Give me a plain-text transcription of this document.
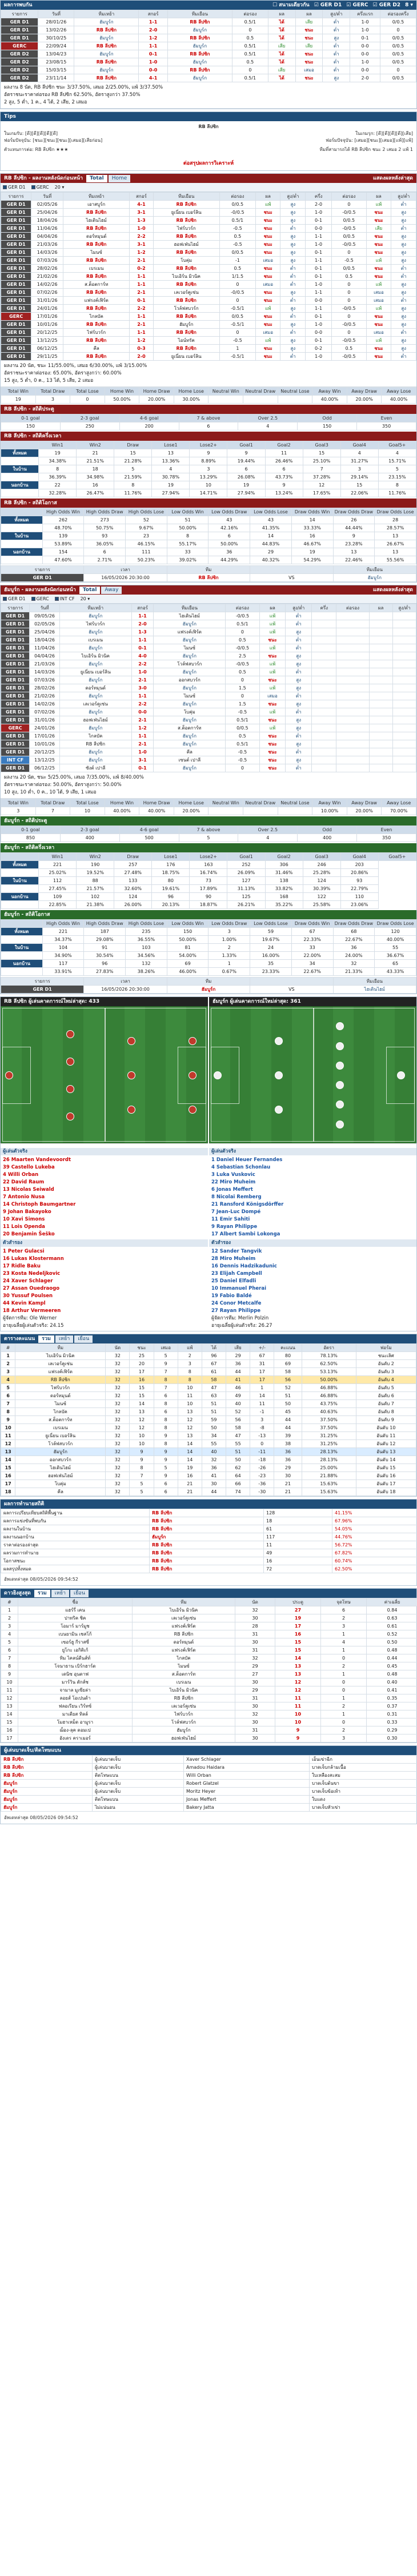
ผลการพบกัน	☐ สนามเดียวกัน ☑ GER D1 ☑ GERC ☑ GER D2 8 ▾
รายการ	วันที่	ทีมเหย้า	สกอร์	ทีมเยือน	ต่อรอง	ผล	ผล	สูง/ต่ำ	ครึ่งแรก	ต่อรองครึ่ง
GER D1	28/01/26	ฮัมบูร์ก	1-1	RB ลีปซิก	0.5/1	ได้	เสีย	ต่ำ	1-0	0/0.5
GER D1	13/02/26	RB ลีปซิก	2-0	ฮัมบูร์ก	0	ได้	ชนะ	ต่ำ	1-0	0
GER D1	30/10/25	ฮัมบูร์ก	1-2	RB ลีปซิก	0.5	ได้	ชนะ	สูง	0-1	0/0.5
GERC	22/09/24	RB ลีปซิก	1-1	ฮัมบูร์ก	0.5/1	เสีย	เสีย	ต่ำ	0-0	0/0.5
GER D2	13/04/23	ฮัมบูร์ก	0-1	RB ลีปซิก	0.5/1	ได้	ชนะ	ต่ำ	0-0	0/0.5
GER D2	23/08/15	RB ลีปซิก	1-0	ฮัมบูร์ก	0.5	ได้	ชนะ	ต่ำ	1-0	0/0.5
GER D2	15/03/15	ฮัมบูร์ก	0-0	RB ลีปซิก	0	เสีย	เสมอ	ต่ำ	0-0	0
GER D2	23/11/14	RB ลีปซิก	4-1	ฮัมบูร์ก	0.5/1	ได้	ชนะ	สูง	2-0	0/0.5
ผลงาน 8 นัด, RB ลีปซิก ชนะ 3/37.50%, เสมอ 2/25.00%, แพ้ 3/37.50%
อัตราชนะราคาต่อรอง RB ลีปซิก 62.50%, อัตราสูงกว่า 37.50%
2 สูง, 5 ต่ำ, 1 ค., 4 ได้, 2 เสีย, 2 เสมอ
Tips
RB ลีปซิก
ในเกมรับ: [ดี][ดี][ดี][ดี][ดี]	ในเกมรุก: [ดี][ดี][ดี][ดี][เสีย]
ฟอร์มปัจจุบัน: [ชนะ][ชนะ][ชนะ][เสมอ][เสียก่อน]	ฟอร์มปัจจุบัน: [เสมอ][ชนะ][เสมอ][แพ้][แพ้]
ตัวแทนการต่อ: RB ลีปซิก ★★★	ทีมที่สามารถได้ RB ลีปซิก ชนะ 2 เสมอ 2 แพ้ 1
ต่อสรุปผลการวิเคราะห์
RB ลีปซิก - ผลงานหลังนัดก่อนหน้า	Total	Home	แสดงผลหลังล่าสุด
GER D1	GERC 20 ▾
รายการ	วันที่	ทีมเหย้า	สกอร์	ทีมเยือน	ต่อรอง	ผล	สูง/ต่ำ	ครึ่ง	ต่อรอง	ผล	สูง/ต่ำ
GER D1	02/05/26	เอาสบูร์ก	4-1	RB ลีปซิก	0/0.5	แพ้	สูง	2-0	0	แพ้	ต่ำ
GER D1	25/04/26	RB ลีปซิก	3-1	ยูเนี่ยน เบอร์ลิน	-0/0.5	ชนะ	สูง	1-0	-0/0.5	ชนะ	สูง
GER D1	18/04/26	ไฮเดินไฮม์	1-3	RB ลีปซิก	0.5/1	ชนะ	สูง	0-1	0/0.5	ชนะ	สูง
GER D1	11/04/26	RB ลีปซิก	1-0	ไฟร์บวร์ก	-0.5	ชนะ	ต่ำ	0-0	-0/0.5	เสีย	ต่ำ
GER D1	04/04/26	ดอร์ทมุนด์	2-2	RB ลีปซิก	0.5	ชนะ	สูง	1-1	0/0.5	ชนะ	สูง
GER D1	21/03/26	RB ลีปซิก	3-1	ฮอฟเฟ่นไฮม์	-0.5	ชนะ	สูง	1-0	-0/0.5	ชนะ	สูง
GER D1	14/03/26	ไมนซ์	1-2	RB ลีปซิก	0/0.5	ชนะ	สูง	0-1	0	ชนะ	สูง
GER D1	07/03/26	RB ลีปซิก	2-1	โบคุ่ม	-1	เสมอ	สูง	1-1	-0.5	แพ้	สูง
GER D1	28/02/26	เบรเมน	0-2	RB ลีปซิก	0.5	ชนะ	ต่ำ	0-1	0/0.5	ชนะ	ต่ำ
GER D1	21/02/26	RB ลีปซิก	1-1	ไบเอิร์น มิวนิค	1/1.5	ชนะ	ต่ำ	0-1	0.5	ชนะ	ต่ำ
GER D1	14/02/26	ส.ต็อตการ์ท	1-1	RB ลีปซิก	0	เสมอ	ต่ำ	1-0	0	แพ้	สูง
GER D1	07/02/26	RB ลีปซิก	2-1	เลเวอร์คูเซ่น	-0/0.5	ชนะ	สูง	1-1	0	เสมอ	สูง
GER D1	31/01/26	แฟรงค์เฟิร์ต	0-1	RB ลีปซิก	0	ชนะ	ต่ำ	0-0	0	เสมอ	ต่ำ
GER D1	24/01/26	RB ลีปซิก	2-2	โวล์ฟสบวร์ก	-0.5/1	แพ้	สูง	1-1	-0/0.5	แพ้	สูง
GERC	17/01/26	ไกลบัค	1-1	RB ลีปซิก	0/0.5	ชนะ	ต่ำ	0-1	0	ชนะ	สูง
GER D1	10/01/26	RB ลีปซิก	2-1	ฮัมบูร์ก	-0.5/1	ชนะ	สูง	1-0	-0/0.5	ชนะ	สูง
GER D1	20/12/25	ไฟร์บวร์ก	1-1	RB ลีปซิก	0	เสมอ	ต่ำ	0-0	0	เสมอ	ต่ำ
GER D1	13/12/25	RB ลีปซิก	1-2	ไอน์ทรัค	-0.5	แพ้	สูง	0-1	-0/0.5	แพ้	สูง
GER D1	06/12/25	คีล	0-3	RB ลีปซิก	1	ชนะ	สูง	0-2	0.5	ชนะ	สูง
GER D1	29/11/25	RB ลีปซิก	2-0	ยูเนี่ยน เบอร์ลิน	-0.5/1	ชนะ	ต่ำ	1-0	-0/0.5	ชนะ	ต่ำ
ผลงาน 20 นัด, ชนะ 11/55.00%, เสมอ 6/30.00%, แพ้ 3/15.00%
อัตราชนะราคาต่อรอง: 65.00%, อัตราสูงกว่า: 60.00%
15 สูง, 5 ต่ำ, 0 ค., 13 ได้, 5 เสีย, 2 เสมอ
Total Win	Total Draw	Total Lose	Home Win	Home Draw	Home Lose	Neutral Win	Neutral Draw	Neutral Lose	Away Win	Away Draw	Away Lose
19	3	0	50.00%	20.00%	30.00%				40.00%	20.00%	40.00%
RB ลีปซิก - สถิติประตู
0-1 goal	2-3 goal	4-6 goal	7 & above	Over 2.5	Odd	Even
150	250	200	6	4	150	350
RB ลีปซิก - สถิติครึ่งเวลา
	Win1	Win2	Draw	Lose1	Lose2+	Goal1	Goal2	Goal3	Goal4	Goal5+
ทั้งหมด	19	21	15	13	9	9	11	15	4	4
	34.38%	21.51%	21.28%	13.36%	8.89%	19.44%	26.46%	25.10%	31.27%	15.71%
ในบ้าน	8	18	5	4	3	6	6	7	3	5
	36.39%	34.98%	21.59%	30.78%	13.29%	26.08%	43.73%	37.28%	29.14%	23.15%
นอกบ้าน	22	16	8	19	10	19	9	12	15	8
	32.28%	26.47%	11.76%	27.94%	14.71%	27.94%	13.24%	17.65%	22.06%	11.76%
RB ลีปซิก - สถิติโอกาส
	High Odds Win	High Odds Draw	High Odds Lose	Low Odds Win	Low Odds Draw	Low Odds Lose	Draw Odds Win	Draw Odds Draw	Draw Odds Lose
ทั้งหมด	262	273	52	51	43	43	14	26	28
	48.70%	50.75%	9.67%	50.00%	42.16%	41.35%	33.33%	44.44%	28.57%
ในบ้าน	139	93	23	8	6	14	16	9	13
	53.89%	36.05%	46.15%	55.17%	50.00%	44.83%	46.67%	23.28%	26.67%
นอกบ้าน	154	6	111	33	36	29	19	13	13
	47.60%	2.71%	50.23%	39.02%	44.29%	40.32%	54.29%	22.46%	55.56%
รายการ	เวลา	ทีม		ทีมเยือน
GER D1	16/05/2026 20:30:00	RB ลีปซิก	VS	ฮัมบูร์ก
ฮัมบูร์ก - ผลงานหลังนัดก่อนหน้า	Total	Away	แสดงผลหลังล่าสุด
GER D1	GERC	INT CF 20 ▾
รายการ	วันที่	ทีมเหย้า	สกอร์	ทีมเยือน	ต่อรอง	ผล	สูง/ต่ำ	ครึ่ง	ต่อรอง	ผล	สูง/ต่ำ
GER D1	09/05/26	ฮัมบูร์ก	1-1	ไฮเดินไฮม์	-0/0.5	แพ้	ต่ำ				
GER D1	02/05/26	ไฟร์บวร์ก	2-0	ฮัมบูร์ก	0.5/1	แพ้	ต่ำ				
GER D1	25/04/26	ฮัมบูร์ก	1-3	แฟรงค์เฟิร์ต	0	แพ้	สูง				
GER D1	18/04/26	เบรเมน	1-1	ฮัมบูร์ก	0.5	ชนะ	ต่ำ				
GER D1	11/04/26	ฮัมบูร์ก	0-1	ไมนซ์	-0/0.5	แพ้	ต่ำ				
GER D1	04/04/26	ไบเอิร์น มิวนิค	4-0	ฮัมบูร์ก	2.5	ชนะ	สูง				
GER D1	21/03/26	ฮัมบูร์ก	2-2	โวล์ฟสบวร์ก	-0/0.5	แพ้	สูง				
GER D1	14/03/26	ยูเนี่ยน เบอร์ลิน	1-0	ฮัมบูร์ก	0.5	แพ้	ต่ำ				
GER D1	07/03/26	ฮัมบูร์ก	2-1	ออกสบวร์ก	0	ชนะ	สูง				
GER D1	28/02/26	ดอร์ทมุนด์	3-0	ฮัมบูร์ก	1.5	แพ้	สูง				
GER D1	21/02/26	ฮัมบูร์ก	1-1	ไมนซ์	0	เสมอ	ต่ำ				
GER D1	14/02/26	เลเวอร์คูเซ่น	2-2	ฮัมบูร์ก	1.5	ชนะ	สูง				
GER D1	07/02/26	ฮัมบูร์ก	0-0	โบคุ่ม	-0.5	แพ้	ต่ำ				
GER D1	31/01/26	ฮอฟเฟ่นไฮม์	2-1	ฮัมบูร์ก	0.5/1	ชนะ	สูง				
GERC	24/01/26	ฮัมบูร์ก	1-2	ส.ต็อตการ์ท	0/0.5	แพ้	สูง				
GER D1	17/01/26	ไกลบัค	1-1	ฮัมบูร์ก	0.5	ชนะ	ต่ำ				
GER D1	10/01/26	RB ลีปซิก	2-1	ฮัมบูร์ก	0.5/1	ชนะ	สูง				
GER D1	20/12/25	ฮัมบูร์ก	1-0	คีล	-0.5	ชนะ	ต่ำ				
INT CF	13/12/25	ฮัมบูร์ก	3-1	เซนต์ เปาลี	-0.5	ชนะ	สูง				
GER D1	06/12/25	ซังต์ เปาลี	0-1	ฮัมบูร์ก	0	ชนะ	ต่ำ				
ผลงาน 20 นัด, ชนะ 5/25.00%, เสมอ 7/35.00%, แพ้ 8/40.00%
อัตราชนะราคาต่อรอง: 50.00%, อัตราสูงกว่า: 50.00%
10 สูง, 10 ต่ำ, 0 ค., 10 ได้, 9 เสีย, 1 เสมอ
Total Win	Total Draw	Total Lose	Home Win	Home Draw	Home Lose	Neutral Win	Neutral Draw	Neutral Lose	Away Win	Away Draw	Away Lose
3	7	10	40.00%	40.00%	20.00%				10.00%	20.00%	70.00%
ฮัมบูร์ก - สถิติประตู
0-1 goal	2-3 goal	4-6 goal	7 & above	Over 2.5	Odd	Even
850	400	500	5	4	400	350
ฮัมบูร์ก - สถิติครึ่งเวลา
	Win1	Win2	Draw	Lose1	Lose2+	Goal1	Goal2	Goal3	Goal4	Goal5+
ทั้งหมด	221	190	257	176	163	252	306	246	203	
	25.02%	19.52%	27.48%	18.75%	16.74%	26.09%	31.46%	25.28%	20.86%	
ในบ้าน	112	88	133	80	73	127	138	124	93	
	27.45%	21.57%	32.60%	19.61%	17.89%	31.13%	33.82%	30.39%	22.79%	
นอกบ้าน	109	102	124	96	90	125	168	122	110	
	22.85%	21.38%	26.00%	20.13%	18.87%	26.21%	35.22%	25.58%	23.06%	
ฮัมบูร์ก - สถิติโอกาส
	High Odds Win	High Odds Draw	High Odds Lose	Low Odds Win	Low Odds Draw	Low Odds Lose	Draw Odds Win	Draw Odds Draw	Draw Odds Lose
ทั้งหมด	221	187	235	150	3	59	67	68	120
	34.37%	29.08%	36.55%	50.00%	1.00%	19.67%	22.33%	22.67%	40.00%
ในบ้าน	104	91	103	81	2	24	33	36	55
	34.90%	30.54%	34.56%	54.00%	1.33%	16.00%	22.00%	24.00%	36.67%
นอกบ้าน	117	96	132	69	1	35	34	32	65
	33.91%	27.83%	38.26%	46.00%	0.67%	23.33%	22.67%	21.33%	43.33%
รายการ	เวลา	ทีม		ทีมเยือน
GER D1	16/05/2026 20:30:00	ฮัมบูร์ก	VS	ไฮเดินไฮม์
RB ลีปซิก ผู้เล่นคาดการณ์ใหม่ล่าสุด: 433	ฮัมบูร์ก ผู้เล่นคาดการณ์ใหม่ล่าสุด: 361
ผู้เล่นตัวจริง
26 Maarten Vandevoordt
39 Castello Lukeba
4 Willi Orban
22 David Raum
13 Nicolas Seiwald
7 Antonio Nusa
14 Christoph Baumgartner
9 Johan Bakayoko
10 Xavi Simons
11 Lois Openda
20 Benjamin Šeško
ตัวสำรอง
1 Peter Gulacsi
16 Lukas Klostermann
17 Ridle Baku
23 Kosta Nedeljkovic
24 Xaver Schlager
27 Assan Ouedraogo
30 Yussuf Poulsen
44 Kevin Kampl
18 Arthur Vermeeren
ผู้จัดการทีม: Ole Werner
อายุเฉลี่ยผู้เล่นตัวจริง: 24.15
ผู้เล่นตัวจริง
1 Daniel Heuer Fernandes
4 Sebastian Schonlau
3 Luka Vuskovic
22 Miro Muheim
6 Jonas Meffert
8 Nicolai Remberg
21 Ransford Königsdörffer
7 Jean-Luc Dompé
11 Emir Sahiti
9 Rayan Philippe
17 Albert Sambi Lokonga
ตัวสำรอง
12 Sander Tangvik
28 Miro Muheim
16 Dennis Hadzikadunic
23 Elijah Campbell
25 Daniel Elfadli
10 Immanuel Pherai
19 Fabio Baldé
24 Conor Metcalfe
27 Rayan Philippe
ผู้จัดการทีม: Merlin Polzin
อายุเฉลี่ยผู้เล่นตัวจริง: 26.27
ตารางคะแนน	รวม	เหย้า	เยือน
#	ทีม	นัด	ชนะ	เสมอ	แพ้	ได้	เสีย	+/-	คะแนน	อัตรา	ฟอร์ม
1	ไบเอิร์น มิวนิค	32	25	5	2	96	29	67	80	78.13%	ชนะเลิศ
2	เลเวอร์คูเซ่น	32	20	9	3	67	36	31	69	62.50%	อันดับ 2
3	แฟรงค์เฟิร์ต	32	17	7	8	61	44	17	58	53.13%	อันดับ 3
4	RB ลีปซิก	32	16	8	8	58	41	17	56	50.00%	อันดับ 4
5	ไฟร์บวร์ก	32	15	7	10	47	46	1	52	46.88%	อันดับ 5
6	ดอร์ทมุนด์	32	15	6	11	63	49	14	51	46.88%	อันดับ 6
7	ไมนซ์	32	14	8	10	51	40	11	50	43.75%	อันดับ 7
8	ไกลบัค	32	13	6	13	51	52	-1	45	40.63%	อันดับ 8
9	ส.ต็อตการ์ท	32	12	8	12	59	56	3	44	37.50%	อันดับ 9
10	เบรเมน	32	12	8	12	50	58	-8	44	37.50%	อันดับ 10
11	ยูเนี่ยน เบอร์ลิน	32	10	9	13	34	47	-13	39	31.25%	อันดับ 11
12	โวล์ฟสบวร์ก	32	10	8	14	55	55	0	38	31.25%	อันดับ 12
13	ฮัมบูร์ก	32	9	9	14	40	51	-11	36	28.13%	อันดับ 13
14	ออกสบวร์ก	32	9	9	14	32	50	-18	36	28.13%	อันดับ 14
15	ไฮเดินไฮม์	32	8	5	19	36	62	-26	29	25.00%	อันดับ 15
16	ฮอฟเฟ่นไฮม์	32	7	9	16	41	64	-23	30	21.88%	อันดับ 16
17	โบคุ่ม	32	5	6	21	30	66	-36	21	15.63%	อันดับ 17
18	คีล	32	5	6	21	44	74	-30	21	15.63%	อันดับ 18
ผลการทำนายสถิติ
ผลการเปรียบเทียบสถิติพื้นฐาน	RB ลีปซิก	128	41.15%
ผลการแข่งขันที่พบกัน	RB ลีปซิก	18	67.96%
ผลงานในบ้าน	RB ลีปซิก	61	54.05%
ผลงานนอกบ้าน	ฮัมบูร์ก	117	44.76%
ราคาต่อรองล่าสุด	RB ลีปซิก	11	56.72%
ผลรวมการทำนาย	RB ลีปซิก	49	67.82%
โอกาสชนะ	RB ลีปซิก	16	60.74%
ผลสรุปทั้งหมด	RB ลีปซิก	72	62.50%
อัพเดทล่าสุด 08/05/2026 09:54:52
ดาวยิงสูงสุด	รวม	เหย้า	เยือน
#	ชื่อ	ทีม	นัด	ประตู	จุดโทษ	ค่าเฉลี่ย
1	แฮร์รี่ เคน	ไบเอิร์น มิวนิค	32	27	6	0.84
2	ปาทริค ชิค	เลเวอร์คูเซ่น	30	19	2	0.63
3	โอมาร์ มาร์มูช	แฟรงค์เฟิร์ต	28	17	3	0.61
4	เบนยามิน เชสโก้	RB ลีปซิก	31	16	1	0.52
5	เซอร์ฮู กีราสซี่	ดอร์ทมุนด์	30	15	4	0.50
6	ยูโกะ เอกิติเก้	แฟรงค์เฟิร์ต	31	15	1	0.48
7	ทิม ไคลน์ดีนส์ท์	ไกลบัค	32	14	0	0.44
8	โจนาธาน เบิร์กฮาร์ด	ไมนซ์	29	13	2	0.45
9	เดนิซ อุนดาฟ	ส.ต็อตการ์ท	27	13	1	0.48
10	มาร์วิน ดักส์ช	เบรเมน	30	12	0	0.40
11	จามาล มูเซียล่า	ไบเอิร์น มิวนิค	29	12	0	0.41
12	ลอยส์ โอเปนด้า	RB ลีปซิก	31	11	1	0.35
13	ฟลอเรียน เวิร์ทซ์	เลเวอร์คูเซ่น	30	11	2	0.37
14	มาเตียส ทิลล์	ไฟร์บวร์ก	32	10	1	0.31
15	โมฮาเหม็ด อามูรา	โวล์ฟสบวร์ก	30	10	0	0.33
16	ฌ็อง-ลุค ดอมเป	ฮัมบูร์ก	31	9	2	0.29
17	อังเดร คราเมอร์	ฮอฟเฟ่นไฮม์	30	9	3	0.30
ผู้เล่นบาดเจ็บ/ติดโทษแบน
RB ลีปซิก	ผู้เล่นบาดเจ็บ	Xaver Schlager	เอ็นเข่าฉีก
RB ลีปซิก	ผู้เล่นบาดเจ็บ	Amadou Haidara	บาดเจ็บกล้ามเนื้อ
RB ลีปซิก	ติดโทษแบน	Willi Orban	ใบเหลืองสะสม
ฮัมบูร์ก	ผู้เล่นบาดเจ็บ	Robert Glatzel	บาดเจ็บต้นขา
ฮัมบูร์ก	ผู้เล่นบาดเจ็บ	Moritz Heyer	บาดเจ็บข้อเท้า
ฮัมบูร์ก	ติดโทษแบน	Jonas Meffert	ใบแดง
ฮัมบูร์ก	ไม่แน่นอน	Bakery Jatta	บาดเจ็บหัวเข่า
อัพเดทล่าสุด 08/05/2026 09:54:52
